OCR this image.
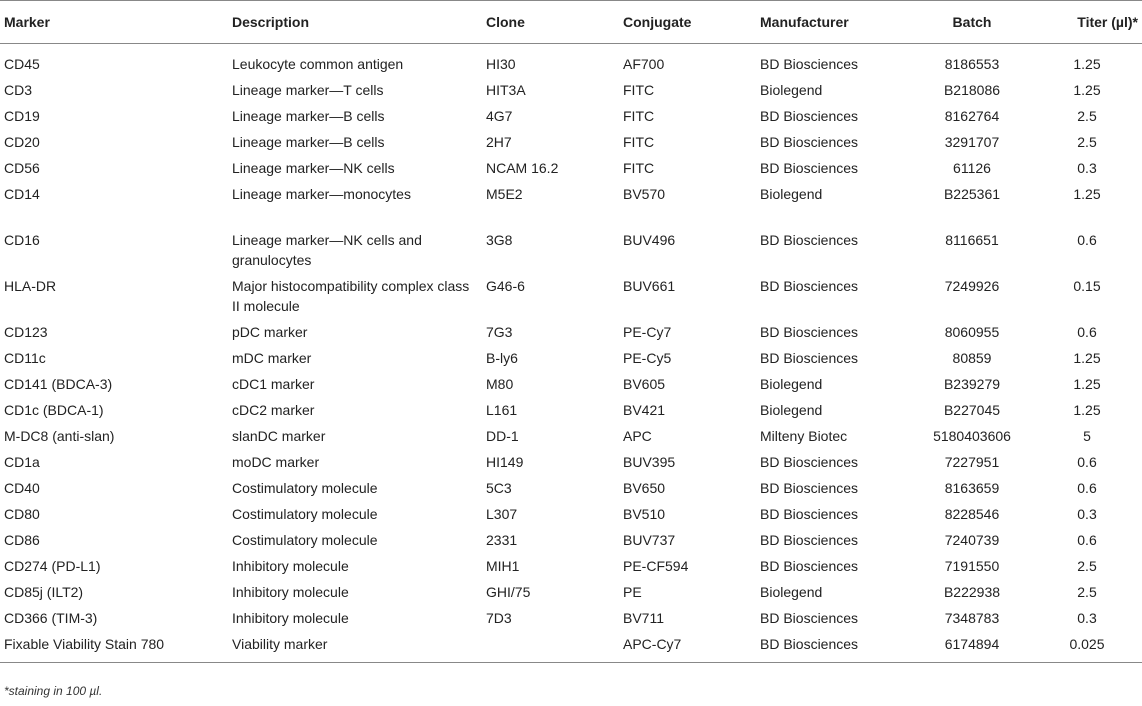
Marker	Description	Clone	Conjugate	Manufacturer	Batch	Titer (µl)*
CD45	Leukocyte common antigen	HI30	AF700	BD Biosciences	8186553	1.25
CD3	Lineage marker—T cells	HIT3A	FITC	Biolegend	B218086	1.25
CD19	Lineage marker—B cells	4G7	FITC	BD Biosciences	8162764	2.5
CD20	Lineage marker—B cells	2H7	FITC	BD Biosciences	3291707	2.5
CD56	Lineage marker—NK cells	NCAM 16.2	FITC	BD Biosciences	61126	0.3
CD14	Lineage marker—monocytes	M5E2	BV570	Biolegend	B225361	1.25
CD16	Lineage marker—NK cells and granulocytes	3G8	BUV496	BD Biosciences	8116651	0.6
HLA-DR	Major histocompatibility complex class II molecule	G46-6	BUV661	BD Biosciences	7249926	0.15
CD123	pDC marker	7G3	PE-Cy7	BD Biosciences	8060955	0.6
CD11c	mDC marker	B-ly6	PE-Cy5	BD Biosciences	80859	1.25
CD141 (BDCA-3)	cDC1 marker	M80	BV605	Biolegend	B239279	1.25
CD1c (BDCA-1)	cDC2 marker	L161	BV421	Biolegend	B227045	1.25
M-DC8 (anti-slan)	slanDC marker	DD-1	APC	Milteny Biotec	5180403606	5
CD1a	moDC marker	HI149	BUV395	BD Biosciences	7227951	0.6
CD40	Costimulatory molecule	5C3	BV650	BD Biosciences	8163659	0.6
CD80	Costimulatory molecule	L307	BV510	BD Biosciences	8228546	0.3
CD86	Costimulatory molecule	2331	BUV737	BD Biosciences	7240739	0.6
CD274 (PD-L1)	Inhibitory molecule	MIH1	PE-CF594	BD Biosciences	7191550	2.5
CD85j (ILT2)	Inhibitory molecule	GHI/75	PE	Biolegend	B222938	2.5
CD366 (TIM-3)	Inhibitory molecule	7D3	BV711	BD Biosciences	7348783	0.3
Fixable Viability Stain 780	Viability marker		APC-Cy7	BD Biosciences	6174894	0.025
*staining in 100 µl.
